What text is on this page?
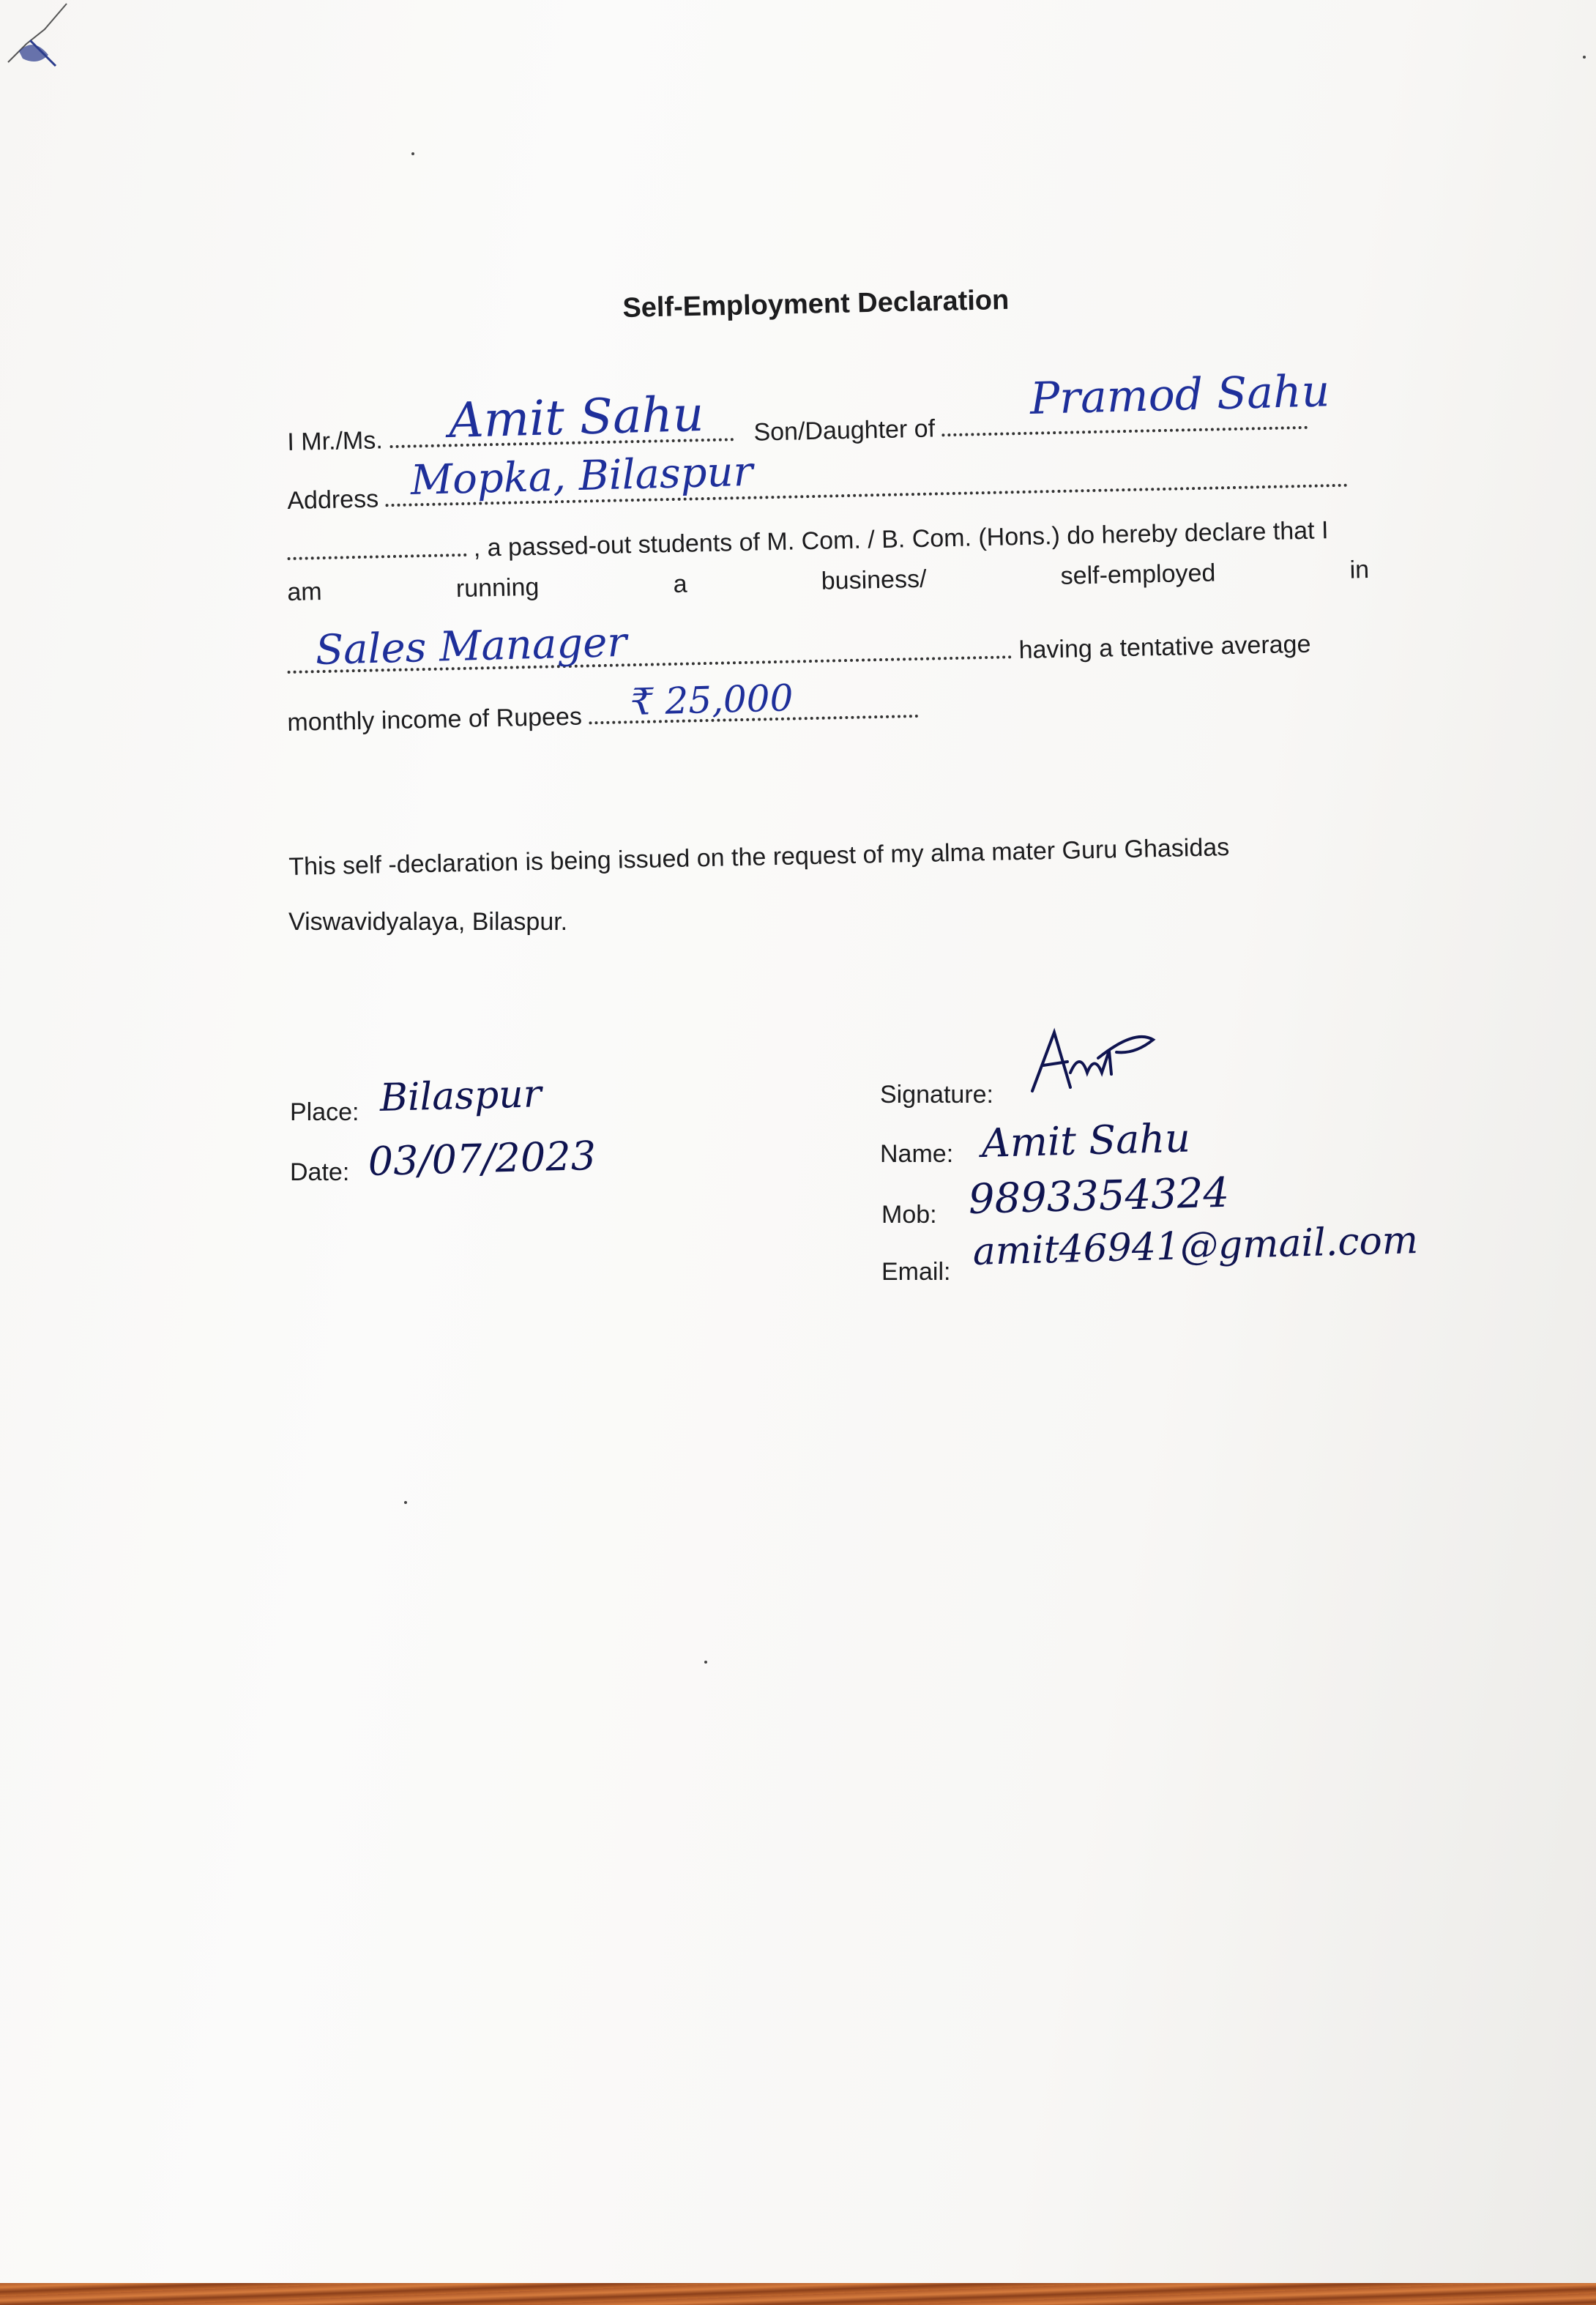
Self-Employment Declaration
I Mr./Ms.	Son/Daughter of
Amit Sahu	Pramod Sahu
Address Mopka, Bilaspur
, a passed-out students of M. Com. / B. Com. (Hons.) do hereby declare that I
am	running	a	business/	self-employed	in
having a tentative average
Sales Manager
monthly income of Rupees	₹ 25,000
This self -declaration is being issued on the request of my alma mater Guru Ghasidas
Viswavidyalaya, Bilaspur.
Place: Bilaspur
Date: 03/07/2023
Signature:
Name: Amit Sahu
Mob: 9893354324
Email: amit46941@gmail.com
